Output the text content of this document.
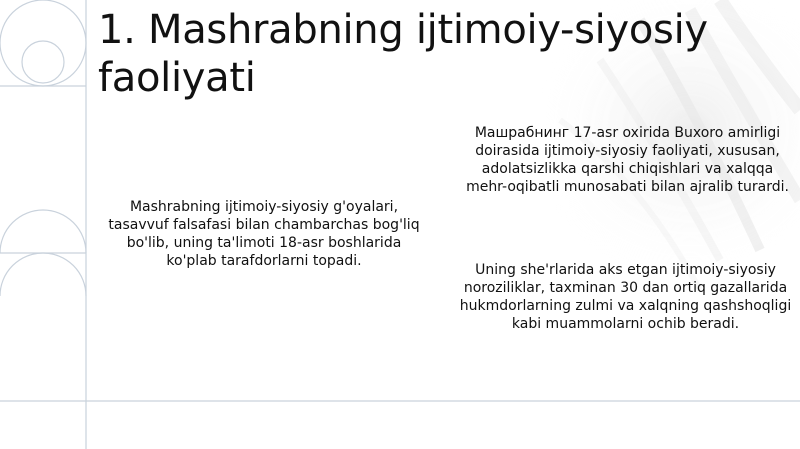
1. Mashrabning ijtimoiy-siyosiy faoliyati

Mashrabning ijtimoiy-siyosiy g'oyalari, tasavvuf falsafasi bilan chambarchas bog'liq bo'lib, uning ta'limoti 18-asr boshlarida ko'plab tarafdorlarni topadi.

Машрабнинг 17-asr oxirida Buxoro amirligi doirasida ijtimoiy-siyosiy faoliyati, xususan, adolatsizlikka qarshi chiqishlari va xalqqa mehr-oqibatli munosabati bilan ajralib turardi.

Uning she'rlarida aks etgan ijtimoiy-siyosiy noroziliklar, taxminan 30 dan ortiq gazallarida hukmdorlarning zulmi va xalqning qashshoqligi kabi muammolarni ochib beradi.
